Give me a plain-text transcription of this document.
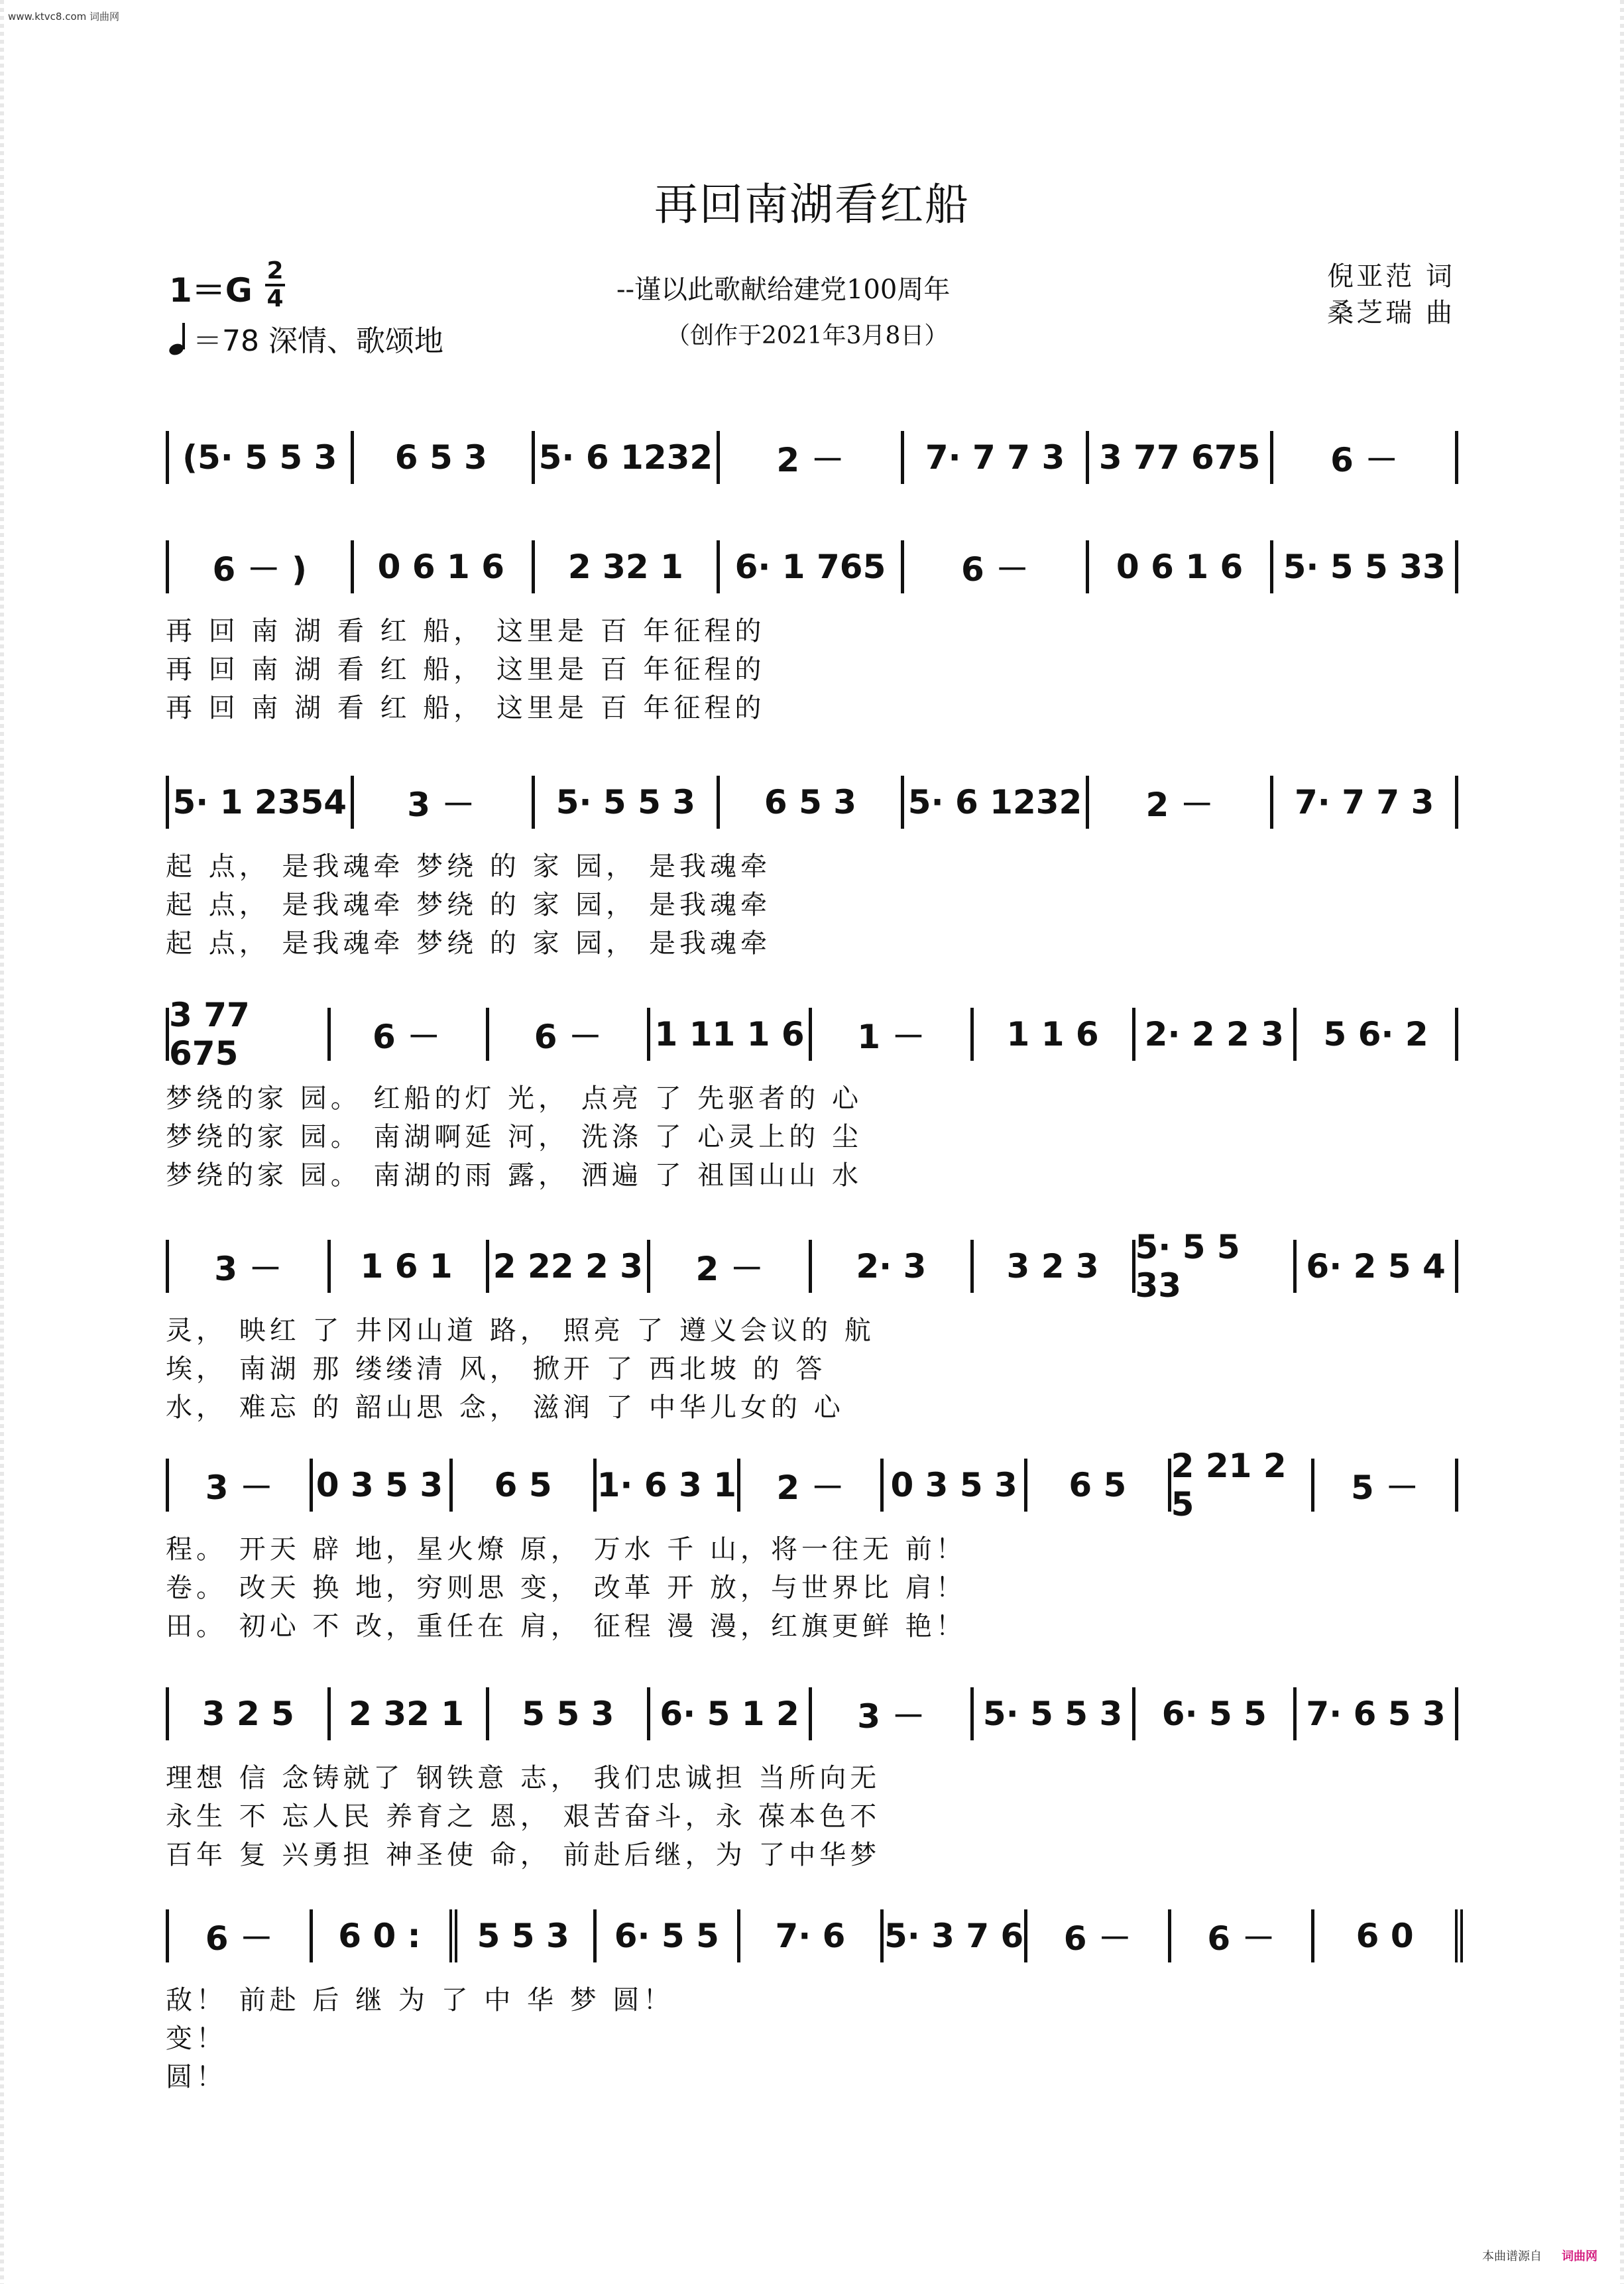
www.ktvc8.com 词曲网
再回南湖看红船
1＝G
2
4
＝78 深情、歌颂地
--谨以此歌献给建党100周年
（创作于2021年3月8日）
倪亚范 词
桑芝瑞 曲
(5· 5 5 3	6 5 3	5· 6 1232	2 －	7· 7 7 3	3 77 675	6 －
6 － )	0 6 1 6	2 32 1	6· 1 765	6 －	0 6 1 6	5· 5 5 33
再 回 南 湖 看 红 船， 这里是 百 年征程的
再 回 南 湖 看 红 船， 这里是 百 年征程的
再 回 南 湖 看 红 船， 这里是 百 年征程的
5· 1 2354	3 －	5· 5 5 3	6 5 3	5· 6 1232	2 －	7· 7 7 3
起 点， 是我魂牵 梦绕 的 家 园， 是我魂牵
起 点， 是我魂牵 梦绕 的 家 园， 是我魂牵
起 点， 是我魂牵 梦绕 的 家 园， 是我魂牵
3 77 675	6 －	6 －	1 11 1 6	1 －	1 1 6	2· 2 2 3	5 6· 2
梦绕的家 园。 红船的灯 光， 点亮 了 先驱者的 心
梦绕的家 园。 南湖啊延 河， 洗涤 了 心灵上的 尘
梦绕的家 园。 南湖的雨 露， 洒遍 了 祖国山山 水
3 －	1 6 1	2 22 2 3	2 －	2· 3	3 2 3	5· 5 5 33	6· 2 5 4
灵， 映红 了 井冈山道 路， 照亮 了 遵义会议的 航
埃， 南湖 那 缕缕清 风， 掀开 了 西北坡 的 答
水， 难忘 的 韶山思 念， 滋润 了 中华儿女的 心
3 －	0 3 5 3	6 5	1· 6 3 1	2 －	0 3 5 3	6 5	2 21 2 5	5 －
程。 开天 辟 地，星火燎 原， 万水 千 山，将一往无 前！
卷。 改天 换 地，穷则思 变， 改革 开 放，与世界比 肩！
田。 初心 不 改，重任在 肩， 征程 漫 漫，红旗更鲜 艳！
3 2 5	2 32 1	5 5 3	6· 5 1 2	3 －	5· 5 5 3	6· 5 5	7· 6 5 3
理想 信 念铸就了 钢铁意 志， 我们忠诚担 当所向无
永生 不 忘人民 养育之 恩， 艰苦奋斗，永 葆本色不
百年 复 兴勇担 神圣使 命， 前赴后继，为 了中华梦
6 －	6 0 :	5 5 3	6· 5 5	7· 6	5· 3 7 6	6 －	6 －	6 0
敌！ 前赴 后 继 为 了 中 华 梦 圆！
变！
圆！
本曲谱源自 词曲网
